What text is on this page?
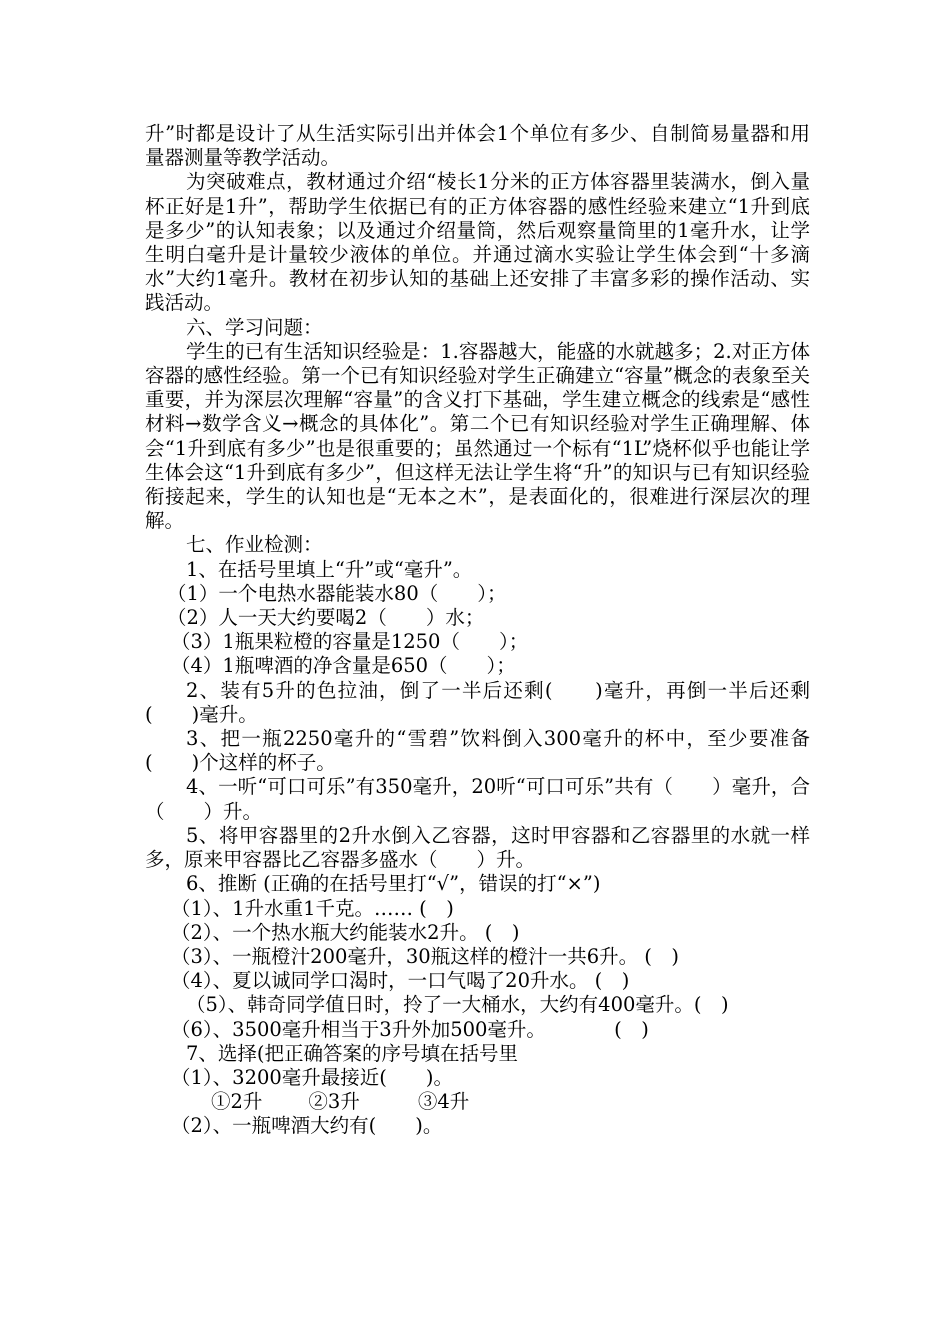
升”时都是设计了从生活实际引出并体会1个单位有多少、自制简易量器和用量器测量等教学活动。

为突破难点，教材通过介绍“棱长1分米的正方体容器里装满水，倒入量杯正好是1升”，帮助学生依据已有的正方体容器的感性经验来建立“1升到底是多少”的认知表象；以及通过介绍量筒，然后观察量筒里的1毫升水，让学生明白毫升是计量较少液体的单位。并通过滴水实验让学生体会到“十多滴水”大约1毫升。教材在初步认知的基础上还安排了丰富多彩的操作活动、实践活动。

六、学习问题：

学生的已有生活知识经验是：1.容器越大，能盛的水就越多；2.对正方体容器的感性经验。第一个已有知识经验对学生正确建立“容量”概念的表象至关重要，并为深层次理解“容量”的含义打下基础，学生建立概念的线索是“感性材料→数学含义→概念的具体化”。第二个已有知识经验对学生正确理解、体会“1升到底有多少”也是很重要的；虽然通过一个标有“1L”烧杯似乎也能让学生体会这“1升到底有多少”，但这样无法让学生将“升”的知识与已有知识经验衔接起来，学生的认知也是“无本之木”，是表面化的，很难进行深层次的理解。

七、作业检测：

1、在括号里填上“升”或“毫升”。

（1）一个电热水器能装水80（　　）；

（2）人一天大约要喝2（　　）水；

（3）1瓶果粒橙的容量是1250（　　）；

（4）1瓶啤酒的净含量是650（　　）；

2、装有5升的色拉油，倒了一半后还剩(　　)毫升，再倒一半后还剩(　　)毫升。

3、把一瓶2250毫升的“雪碧”饮料倒入300毫升的杯中，至少要准备(　　)个这样的杯子。

4、一听“可口可乐”有350毫升，20听“可口可乐”共有（　　）毫升，合（　　）升。

5、将甲容器里的2升水倒入乙容器，这时甲容器和乙容器里的水就一样多，原来甲容器比乙容器多盛水（　　）升。

6、推断 (正确的在括号里打“√”，错误的打“×”)

（1）、1升水重1千克。…… (　)

（2）、一个热水瓶大约能装水2升。 (　)

（3）、一瓶橙汁200毫升，30瓶这样的橙汁一共6升。 (　)

（4）、夏以诚同学口渴时，一口气喝了20升水。 (　)

（5）、韩奇同学值日时，拎了一大桶水，大约有400毫升。(　)

（6）、3500毫升相当于3升外加500毫升。　　　　(　)

7、选择(把正确答案的序号填在括号里

（1）、3200毫升最接近(　　)。

①2升 ②3升	③4升

（2）、一瓶啤酒大约有(　　)。
